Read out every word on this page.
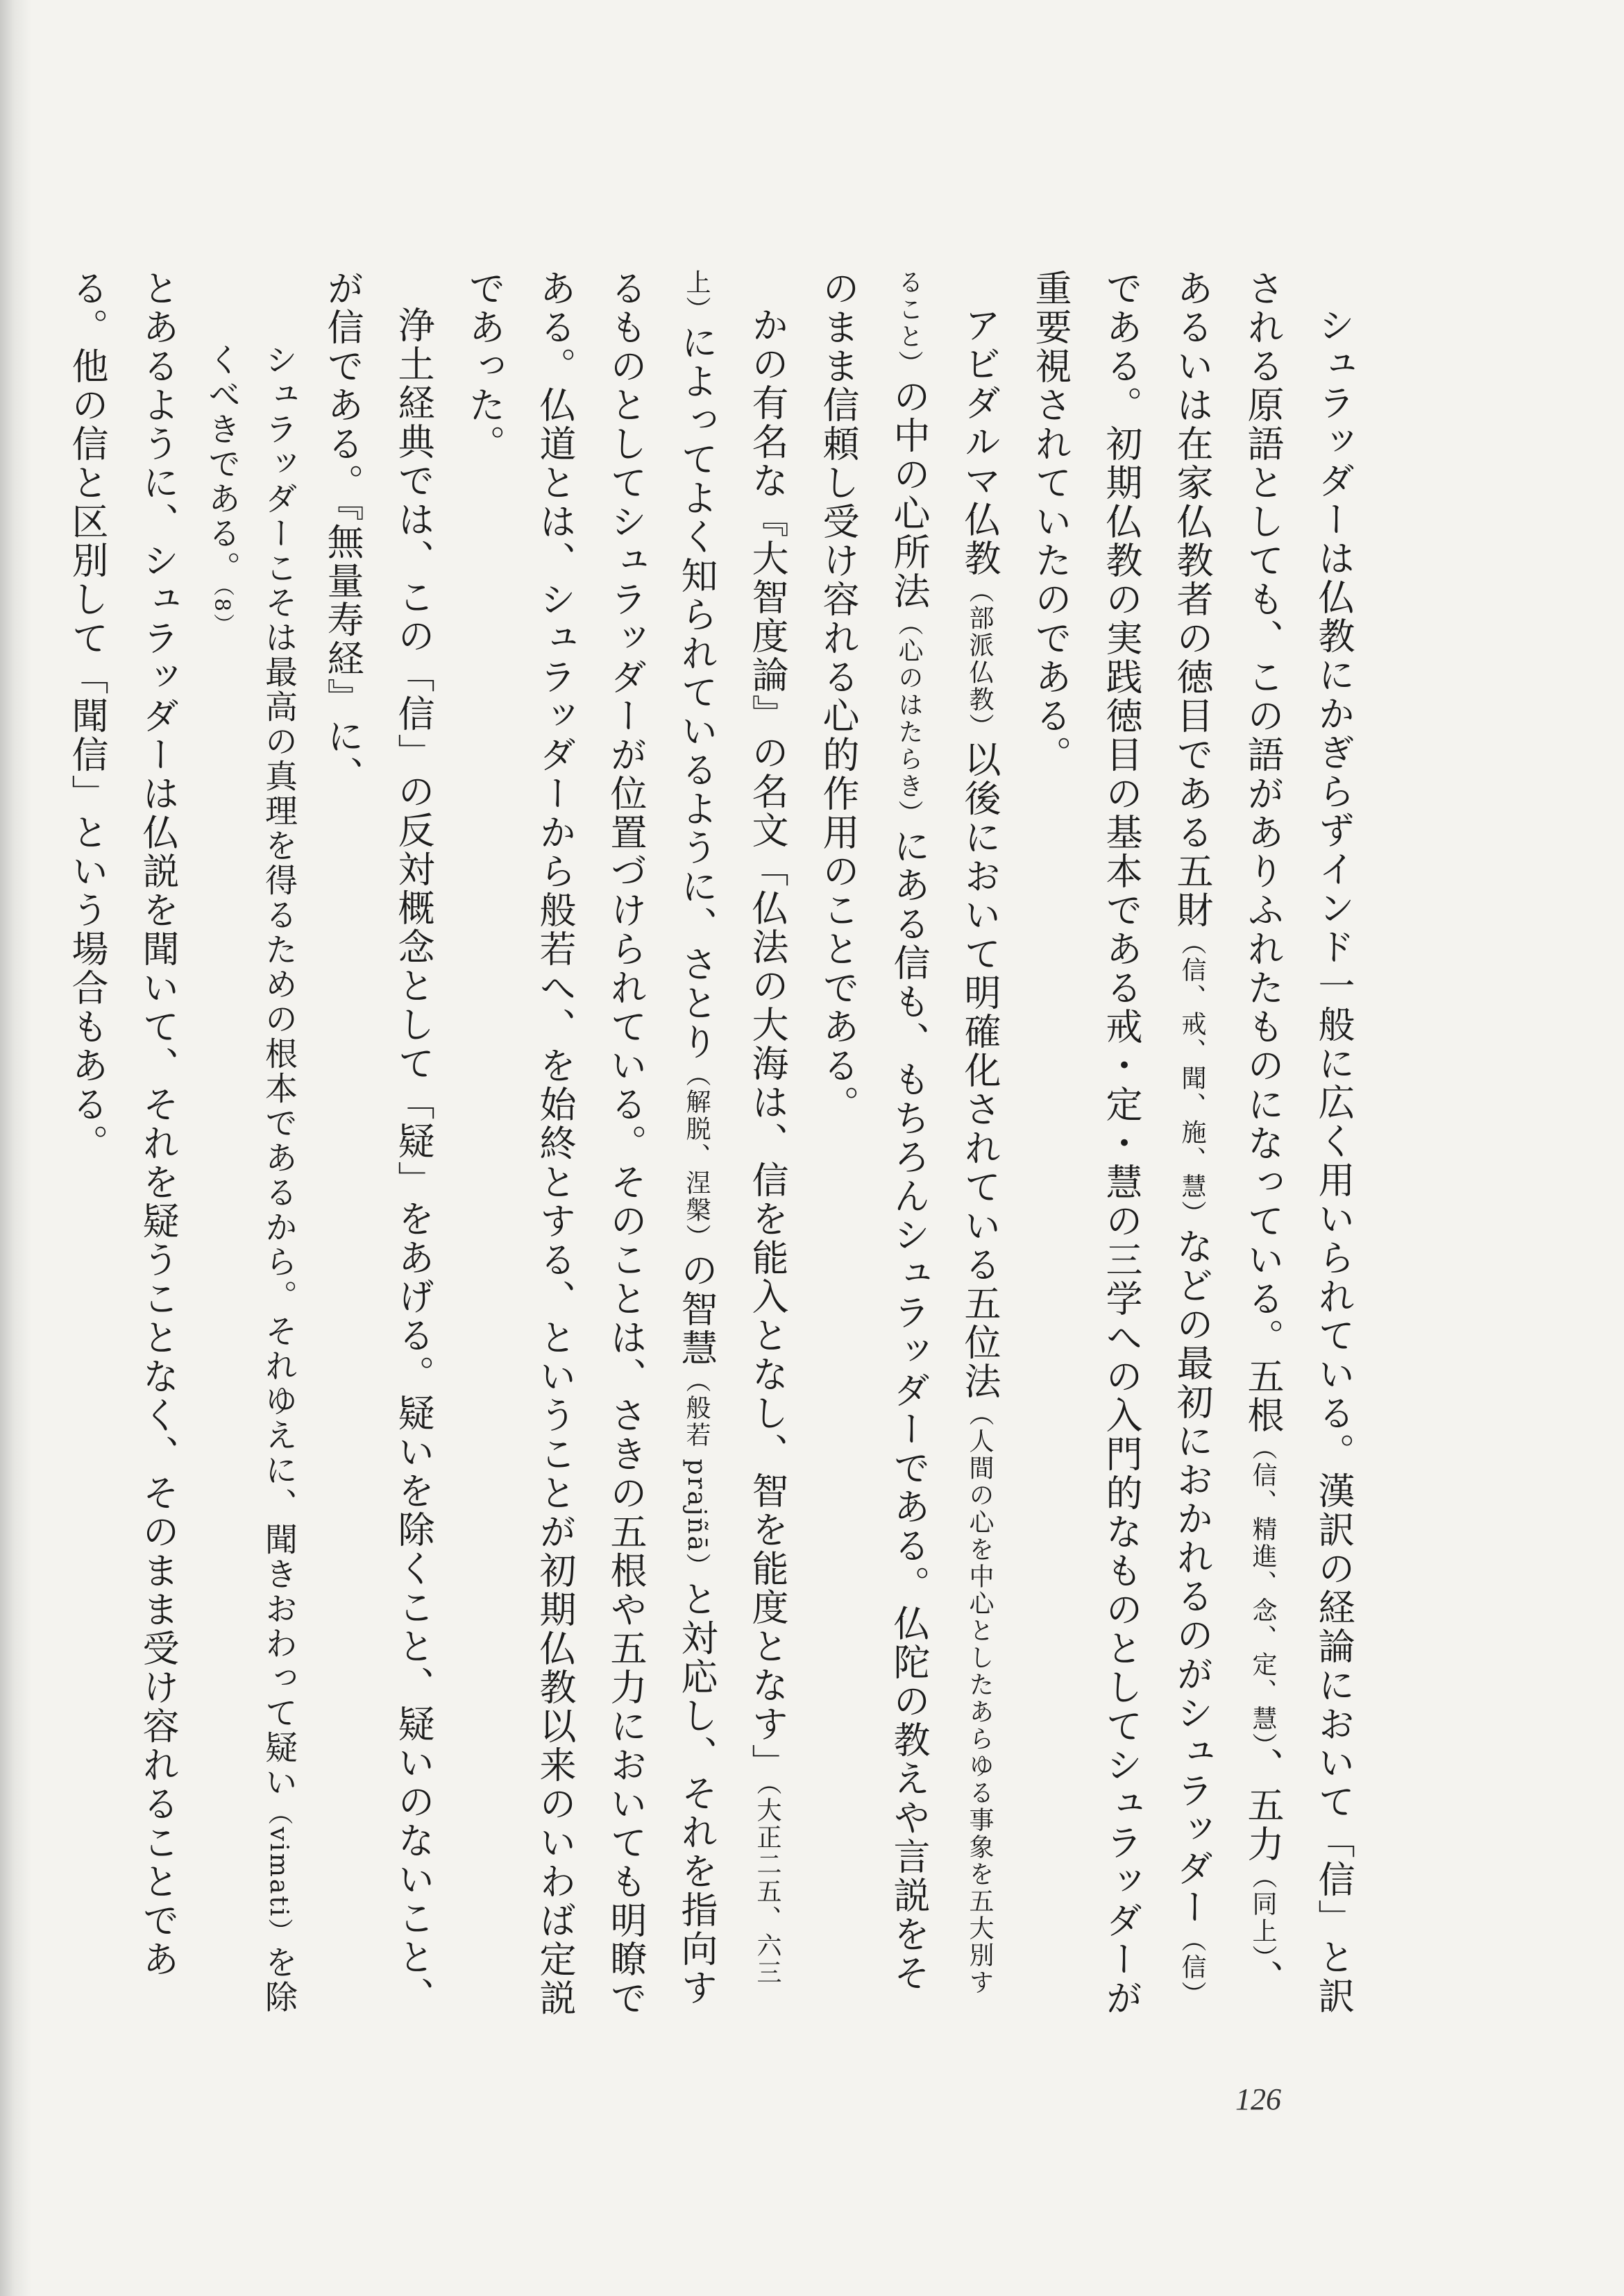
シュラッダーは仏教にかぎらずインド一般に広く用いられている。漢訳の経論において「信」と訳される原語としても、この語がありふれたものになっている。五根（信、精進、念、定、慧）、五力（同上）、あるいは在家仏教者の徳目である五財（信、戒、聞、施、慧）などの最初におかれるのがシュラッダー（信）である。初期仏教の実践徳目の基本である戒・定・慧の三学への入門的なものとしてシュラッダーが重要視されていたのである。

アビダルマ仏教（部派仏教）以後において明確化されている五位法（人間の心を中心としたあらゆる事象を五大別すること）の中の心所法（心のはたらき）にある信も、もちろんシュラッダーである。仏陀の教えや言説をそのまま信頼し受け容れる心的作用のことである。

かの有名な『大智度論』の名文「仏法の大海は、信を能入となし、智を能度となす」（大正二五、六三上）によってよく知られているように、さとり（解脱、涅槃）の智慧（般若 prajñā）と対応し、それを指向するものとしてシュラッダーが位置づけられている。そのことは、さきの五根や五力においても明瞭である。仏道とは、シュラッダーから般若へ、を始終とする、ということが初期仏教以来のいわば定説であった。

浄土経典では、この「信」の反対概念として「疑」をあげる。疑いを除くこと、疑いのないこと、が信である。『無量寿経』に、

シュラッダーこそは最高の真理を得るための根本であるから。それゆえに、聞きおわって疑い（vimati）を除くべきである。（8）

とあるように、シュラッダーは仏説を聞いて、それを疑うことなく、そのまま受け容れることである。他の信と区別して「聞信」という場合もある。

126
